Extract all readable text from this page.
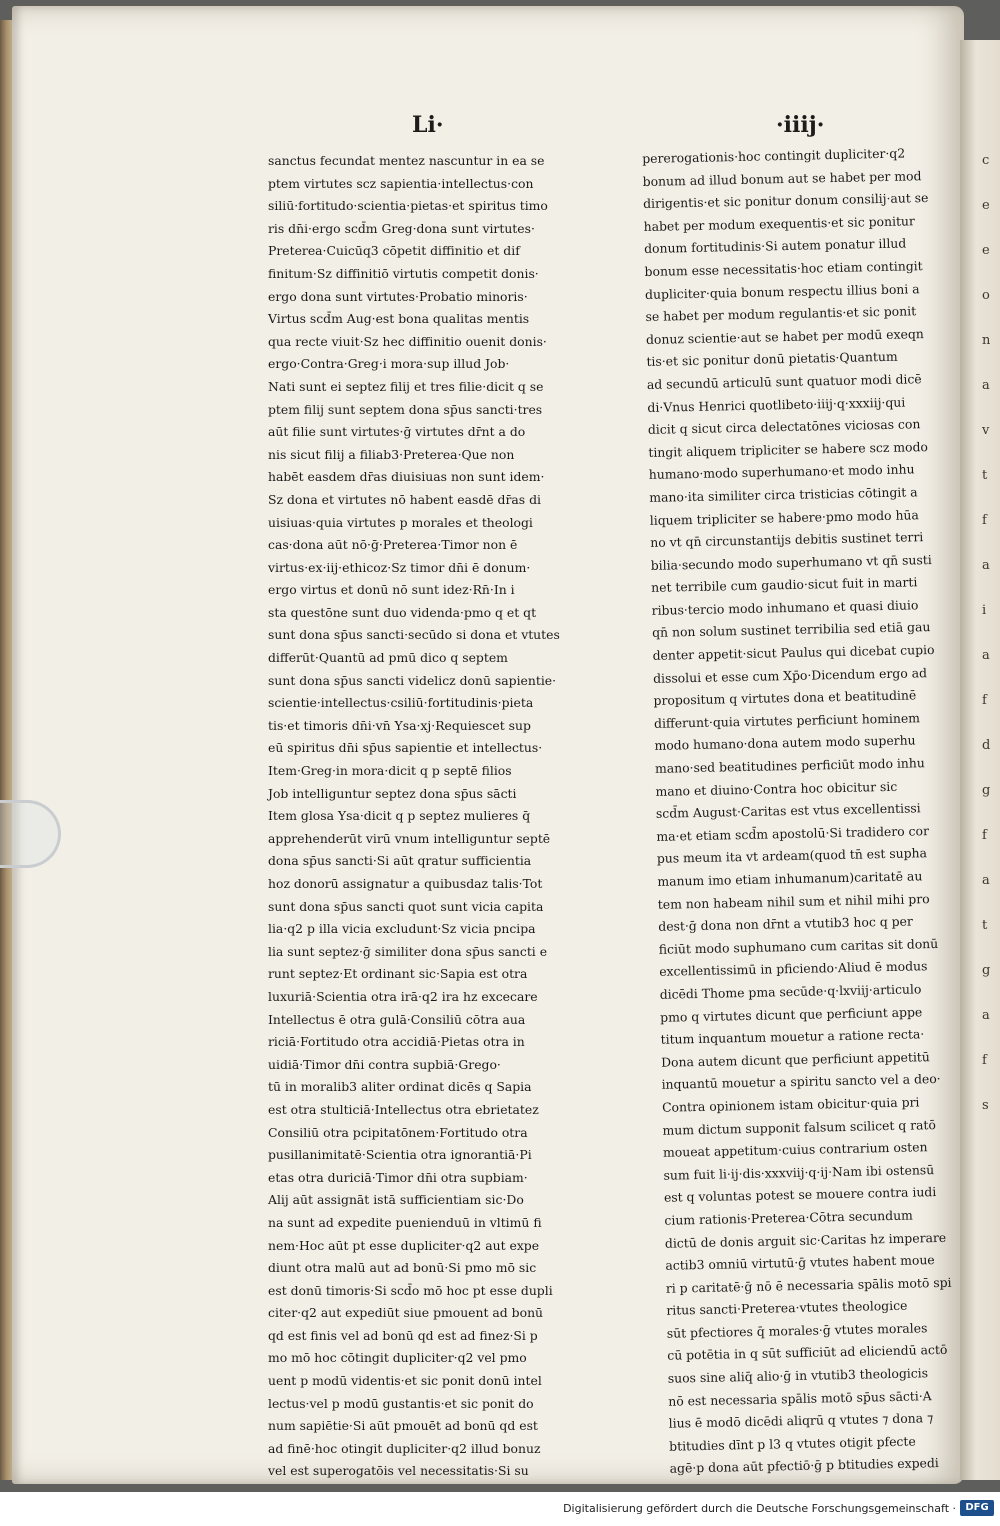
c
e
e
o
n
a
v
t
f
a
i
a
f
d
g
f
a
t
g
a
f
s
Li·	·iiij·
sanctus fecundat mentez nascuntur in ea se
ptem virtutes scz sapientia·intellectus·con
siliū·fortitudo·scientia·pietas·et spiritus timo
ris dn̄i·ergo scd̄m Greg·dona sunt virtutes·
Preterea·Cuicūq3 cōpetit diffinitio et dif
finitum·Sz diffinitiō virtutis competit donis·
ergo dona sunt virtutes·Probatio minoris·
Virtus scd̄m Aug·est bona qualitas mentis
qua recte viuit·Sz hec diffinitio ouenit donis·
ergo·Contra·Greg·i mora·sup illud Job·
Nati sunt ei septez filij et tres filie·dicit q se
ptem filij sunt septem dona sp̄us sancti·tres
aūt filie sunt virtutes·ḡ virtutes dr̄nt a do
nis sicut filij a filiab3·Preterea·Que non
habēt easdem dr̄as diuisiuas non sunt idem·
Sz dona et virtutes nō habent easdē dr̄as di
uisiuas·quia virtutes p morales et theologi
cas·dona aūt nō·ḡ·Preterea·Timor non ē
virtus·ex·iij·ethicoz·Sz timor dn̄i ē donum·
ergo virtus et donū nō sunt idez·Rn̄·In i
sta questōne sunt duo videnda·pmo q et qt
sunt dona sp̄us sancti·secūdo si dona et vtutes
differūt·Quantū ad pmū dico q septem
sunt dona sp̄us sancti videlicz donū sapientie·
scientie·intellectus·csiliū·fortitudinis·pieta
tis·et timoris dn̄i·vn̄ Ysa·xj·Requiescet sup
eū spiritus dn̄i sp̄us sapientie et intellectus·
Item·Greg·in mora·dicit q p septē filios
Job intelliguntur septez dona sp̄us sācti
Item glosa Ysa·dicit q p septez mulieres q̄
apprehenderūt virū vnum intelliguntur septē
dona sp̄us sancti·Si aūt qratur sufficientia
hoz donorū assignatur a quibusdaz talis·Tot
sunt dona sp̄us sancti quot sunt vicia capita
lia·q2 p illa vicia excludunt·Sz vicia pncipa
lia sunt septez·ḡ similiter dona sp̄us sancti e
runt septez·Et ordinant sic·Sapia est otra
luxuriā·Scientia otra irā·q2 ira hz excecare
Intellectus ē otra gulā·Consiliū cōtra aua
riciā·Fortitudo otra accidiā·Pietas otra in
uidiā·Timor dn̄i contra supbiā·Grego·
tū in moralib3 aliter ordinat dicēs q Sapia
est otra stulticiā·Intellectus otra ebrietatez
Consiliū otra pcipitatōnem·Fortitudo otra
pusillanimitatē·Scientia otra ignorantiā·Pi
etas otra duriciā·Timor dn̄i otra supbiam·
Alij aūt assignāt istā sufficientiam sic·Do
na sunt ad expedite puenienduū in vltimū fi
nem·Hoc aūt pt esse dupliciter·q2 aut expe
diunt otra malū aut ad bonū·Si pmo mō sic
est donū timoris·Si scd̄o mō hoc pt esse dupli
citer·q2 aut expediūt siue pmouent ad bonū
qd est finis vel ad bonū qd est ad finez·Si p
mo mō hoc cōtingit dupliciter·q2 vel pmo
uent p modū videntis·et sic ponit donū intel
lectus·vel p modū gustantis·et sic ponit do
num sapiētie·Si aūt pmouēt ad bonū qd est
ad finē·hoc otingit dupliciter·q2 illud bonuz
vel est superogatōis vel necessitatis·Si su
pererogationis·hoc contingit dupliciter·q2
bonum ad illud bonum aut se habet per mod
dirigentis·et sic ponitur donum consilij·aut se
habet per modum exequentis·et sic ponitur
donum fortitudinis·Si autem ponatur illud
bonum esse necessitatis·hoc etiam contingit
dupliciter·quia bonum respectu illius boni a
se habet per modum regulantis·et sic ponit
donuz scientie·aut se habet per modū exeqn
tis·et sic ponitur donū pietatis·Quantum
ad secundū articulū sunt quatuor modi dicē
di·Vnus Henrici quotlibeto·iiij·q·xxxiij·qui
dicit q sicut circa delectatōnes viciosas con
tingit aliquem tripliciter se habere scz modo
humano·modo superhumano·et modo inhu
mano·ita similiter circa tristicias cōtingit a
liquem tripliciter se habere·pmo modo hūa
no vt qn̄ circunstantijs debitis sustinet terri
bilia·secundo modo superhumano vt qn̄ susti
net terribile cum gaudio·sicut fuit in marti
ribus·tercio modo inhumano et quasi diuio
qn̄ non solum sustinet terribilia sed etiā gau
denter appetit·sicut Paulus qui dicebat cupio
dissolui et esse cum Xp̄o·Dicendum ergo ad
propositum q virtutes dona et beatitudinē
differunt·quia virtutes perficiunt hominem
modo humano·dona autem modo superhu
mano·sed beatitudines perficiūt modo inhu
mano et diuino·Contra hoc obicitur sic
scd̄m August·Caritas est vtus excellentissi
ma·et etiam scd̄m apostolū·Si tradidero cor
pus meum ita vt ardeam(quod tn̄ est supha
manum imo etiam inhumanum)caritatē au
tem non habeam nihil sum et nihil mihi pro
dest·ḡ dona non dr̄nt a vtutib3 hoc q per
ficiūt modo suphumano cum caritas sit donū
excellentissimū in pficiendo·Aliud ē modus
dicēdi Thome pma secūde·q·lxviij·articulo
pmo q virtutes dicunt que perficiunt appe
titum inquantum mouetur a ratione recta·
Dona autem dicunt que perficiunt appetitū
inquantū mouetur a spiritu sancto vel a deo·
Contra opinionem istam obicitur·quia pri
mum dictum supponit falsum scilicet q ratō
moueat appetitum·cuius contrarium osten
sum fuit li·ij·dis·xxxviij·q·ij·Nam ibi ostensū
est q voluntas potest se mouere contra iudi
cium rationis·Preterea·Cōtra secundum
dictū de donis arguit sic·Caritas hz imperare
actib3 omniū virtutū·ḡ vtutes habent moue
ri p caritatē·ḡ nō ē necessaria spālis motō spi
ritus sancti·Preterea·vtutes theologice
sūt pfectiores q̄ morales·ḡ vtutes morales
cū potētia in q sūt sufficiūt ad eliciendū actō
suos sine aliq̄ alio·ḡ in vtutib3 theologicis
nō est necessaria spālis motō sp̄us sācti·A
lius ē modō dicēdi aliqrū q vtutes ⁊ dona ⁊
btitudies dīnt p l3 q vtutes otigit pfecte
agē·p dona aūt pfectiō·ḡ p btitudies expedi
Digitalisierung gefördert durch die Deutsche Forschungsgemeinschaft · DFG
